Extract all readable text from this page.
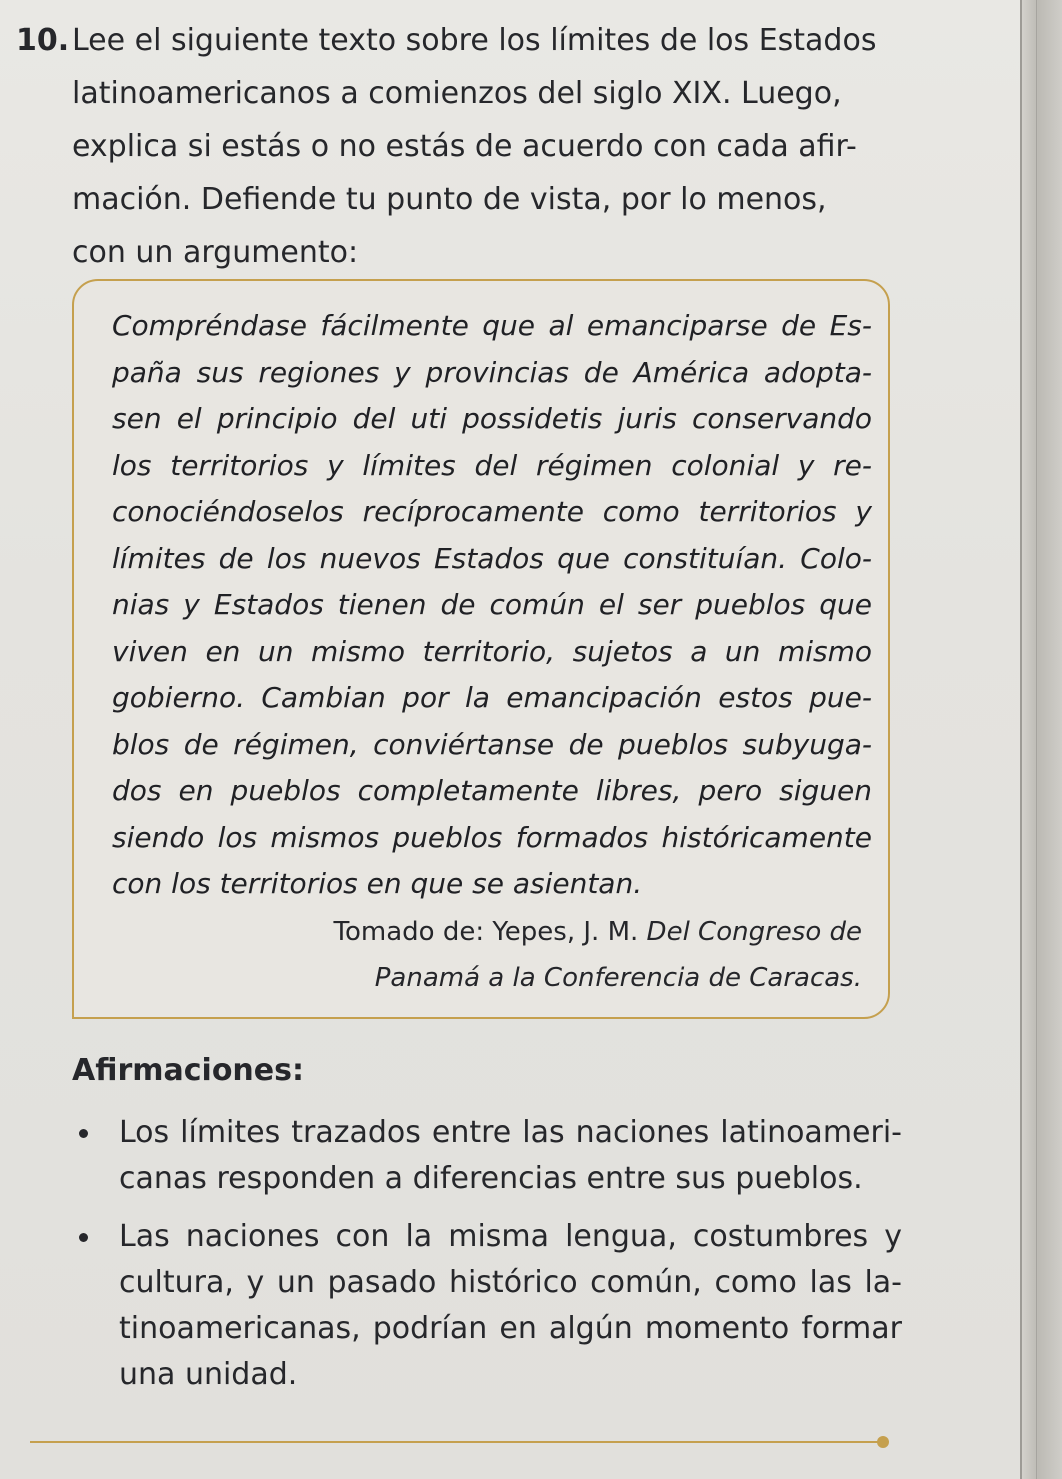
10.Lee el siguiente texto sobre los límites de los Estados
latinoamericanos a comienzos del siglo XIX. Luego,
explica si estás o no estás de acuerdo con cada afir-
mación. Defiende tu punto de vista, por lo menos,
con un argumento:
Compréndase fácilmente que al emanciparse de Es-
paña sus regiones y provincias de América adopta-
sen el principio del uti possidetis juris conservando
los territorios y límites del régimen colonial y re-
conociéndoselos recíprocamente como territorios y
límites de los nuevos Estados que constituían. Colo-
nias y Estados tienen de común el ser pueblos que
viven en un mismo territorio, sujetos a un mismo
gobierno. Cambian por la emancipación estos pue-
blos de régimen, conviértanse de pueblos subyuga-
dos en pueblos completamente libres, pero siguen
siendo los mismos pueblos formados históricamente
con los territorios en que se asientan.
Tomado de: Yepes, J. M. Del Congreso de
Panamá a la Conferencia de Caracas.
Afirmaciones:
Los límites trazados entre las naciones latinoameri-
canas responden a diferencias entre sus pueblos.
Las naciones con la misma lengua, costumbres y
cultura, y un pasado histórico común, como las la-
tinoamericanas, podrían en algún momento formar
una unidad.
